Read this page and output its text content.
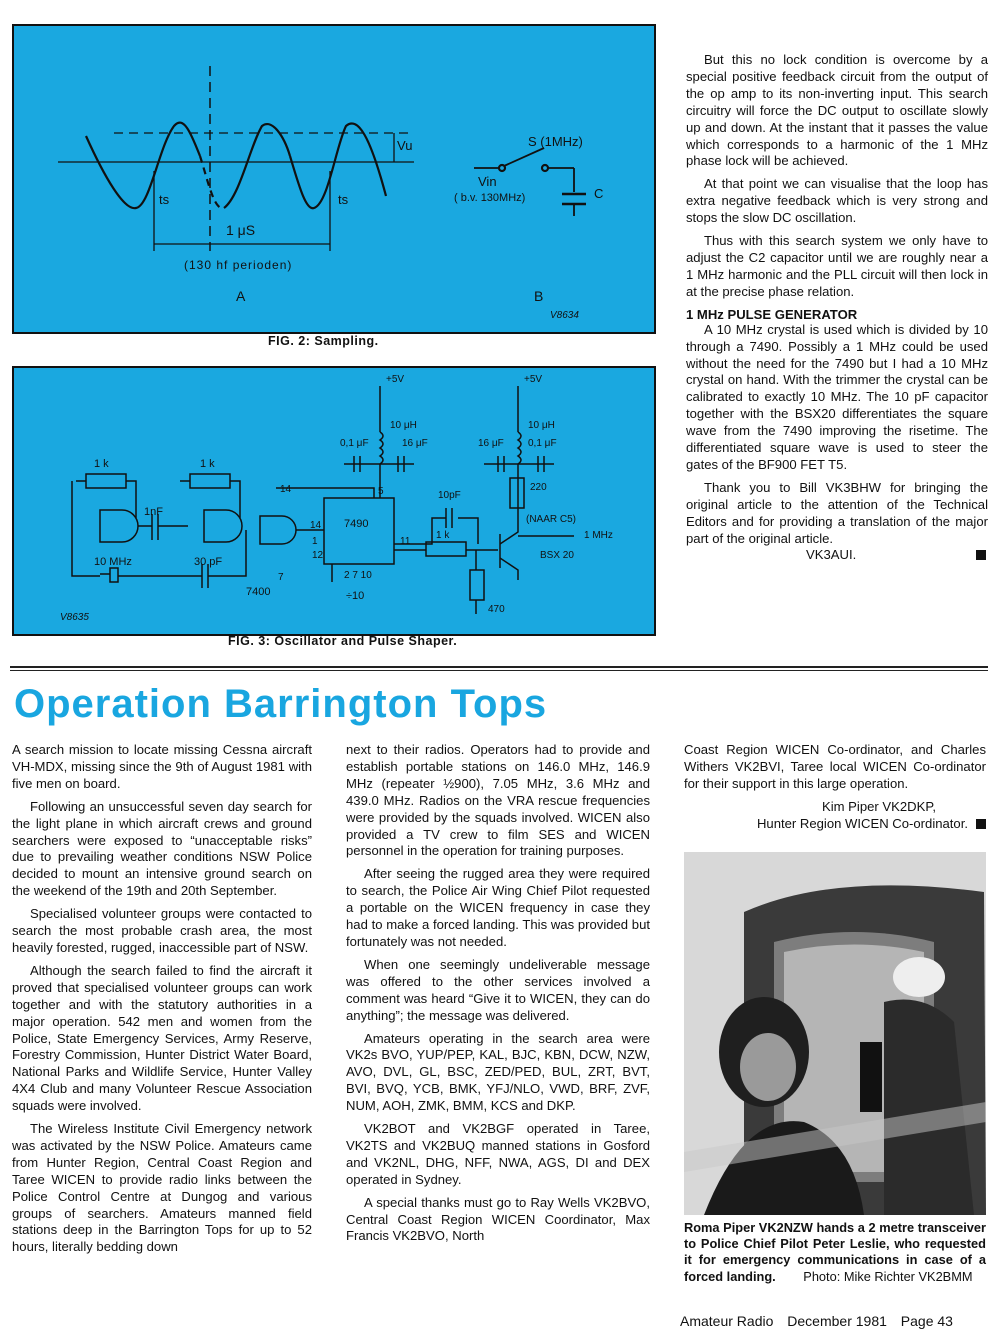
Vu
ts	ts
1 μS
(130 hf perioden)
A	B
S (1MHz)
Vin
( b.v. 130MHz)	C
V8634
FIG. 2: Sampling.
1 k	1 k
1nF
10 MHz	30 pF
7400
14
14
12
1
7
5
7490
2 7 10
÷10
11
+5V	+5V
10 μH	10 μH
0,1 μF	16 μF	16 μF 0,1 μF
10pF
1 k
220
470
(NAAR C5)
1 MHz
BSX 20
V8635
FIG. 3: Oscillator and Pulse Shaper.

But this no lock condition is overcome by a special positive feedback circuit from the output of the op amp to its non-inverting input. This search circuitry will force the DC output to oscillate slowly up and down. At the instant that it passes the value which corresponds to a harmonic of the 1 MHz phase lock will be achieved.

At that point we can visualise that the loop has extra negative feedback which is very strong and stops the slow DC oscillation.

Thus with this search system we only have to adjust the C2 capacitor until we are roughly near a 1 MHz harmonic and the PLL circuit will then lock in at the precise phase relation.

1 MHz PULSE GENERATOR

A 10 MHz crystal is used which is divided by 10 through a 7490. Possibly a 1 MHz could be used without the need for the 7490 but I had a 10 MHz crystal on hand. With the trimmer the crystal can be calibrated to exactly 10 MHz. The 10 pF capacitor together with the BSX20 differentiates the square wave from the 7490 improving the risetime. The differentiated square wave is used to steer the gates of the BF900 FET T5.

Thank you to Bill VK3BHW for bringing the original article to the attention of the Technical Editors and for providing a translation of the major part of the original article.

VK3AUI.
Operation Barrington Tops

A search mission to locate missing Cessna aircraft VH-MDX, missing since the 9th of August 1981 with five men on board.

Following an unsuccessful seven day search for the light plane in which aircraft crews and ground searchers were exposed to “unacceptable risks” due to prevailing weather conditions NSW Police decided to mount an intensive ground search on the weekend of the 19th and 20th September.

Specialised volunteer groups were contacted to search the most probable crash area, the most heavily forested, rugged, inaccessible part of NSW.

Although the search failed to find the aircraft it proved that specialised volunteer groups can work together and with the statutory authorities in a major operation. 542 men and women from the Police, State Emergency Services, Army Reserve, Forestry Commission, Hunter District Water Board, National Parks and Wildlife Service, Hunter Valley 4X4 Club and many Volunteer Rescue Association squads were involved.

The Wireless Institute Civil Emergency network was activated by the NSW Police. Amateurs came from Hunter Region, Central Coast Region and Taree WICEN to provide radio links between the Police Control Centre at Dungog and various groups of searchers. Amateurs manned field stations deep in the Barrington Tops for up to 52 hours, literally bedding down

next to their radios. Operators had to provide and establish portable stations on 146.0 MHz, 146.9 MHz (repeater ½900), 7.05 MHz, 3.6 MHz and 439.0 MHz. Radios on the VRA rescue frequencies were provided by the squads involved. WICEN also provided a TV crew to film SES and WICEN personnel in the operation for training purposes.

After seeing the rugged area they were required to search, the Police Air Wing Chief Pilot requested a portable on the WICEN frequency in case they had to make a forced landing. This was provided but fortunately was not needed.

When one seemingly undeliverable message was offered to the other services involved a comment was heard “Give it to WICEN, they can do anything”; the message was delivered.

Amateurs operating in the search area were VK2s BVO, YUP/PEP, KAL, BJC, KBN, DCW, NZW, AVO, DVL, GL, BSC, ZED/PED, BUL, ZRT, BVT, BVI, BVQ, YCB, BMK, YFJ/NLO, VWD, BRF, ZVF, NUM, AOH, ZMK, BMM, KCS and DKP.

VK2BOT and VK2BGF operated in Taree, VK2TS and VK2BUQ manned stations in Gosford and VK2NL, DHG, NFF, NWA, AGS, DI and DEX operated in Sydney.

A special thanks must go to Ray Wells VK2BVO, Central Coast Region WICEN Coordinator, Max Francis VK2BVO, North

Coast Region WICEN Co-ordinator, and Charles Withers VK2BVI, Taree local WICEN Co-ordinator for their support in this large operation.

Kim Piper VK2DKP,

Hunter Region WICEN Co-ordinator.
Roma Piper VK2NZW hands a 2 metre transceiver to Police Chief Pilot Peter Leslie, who requested it for emergency communications in case of a forced landing. Photo: Mike Richter VK2BMM
Amateur Radio December 1981 Page 43
